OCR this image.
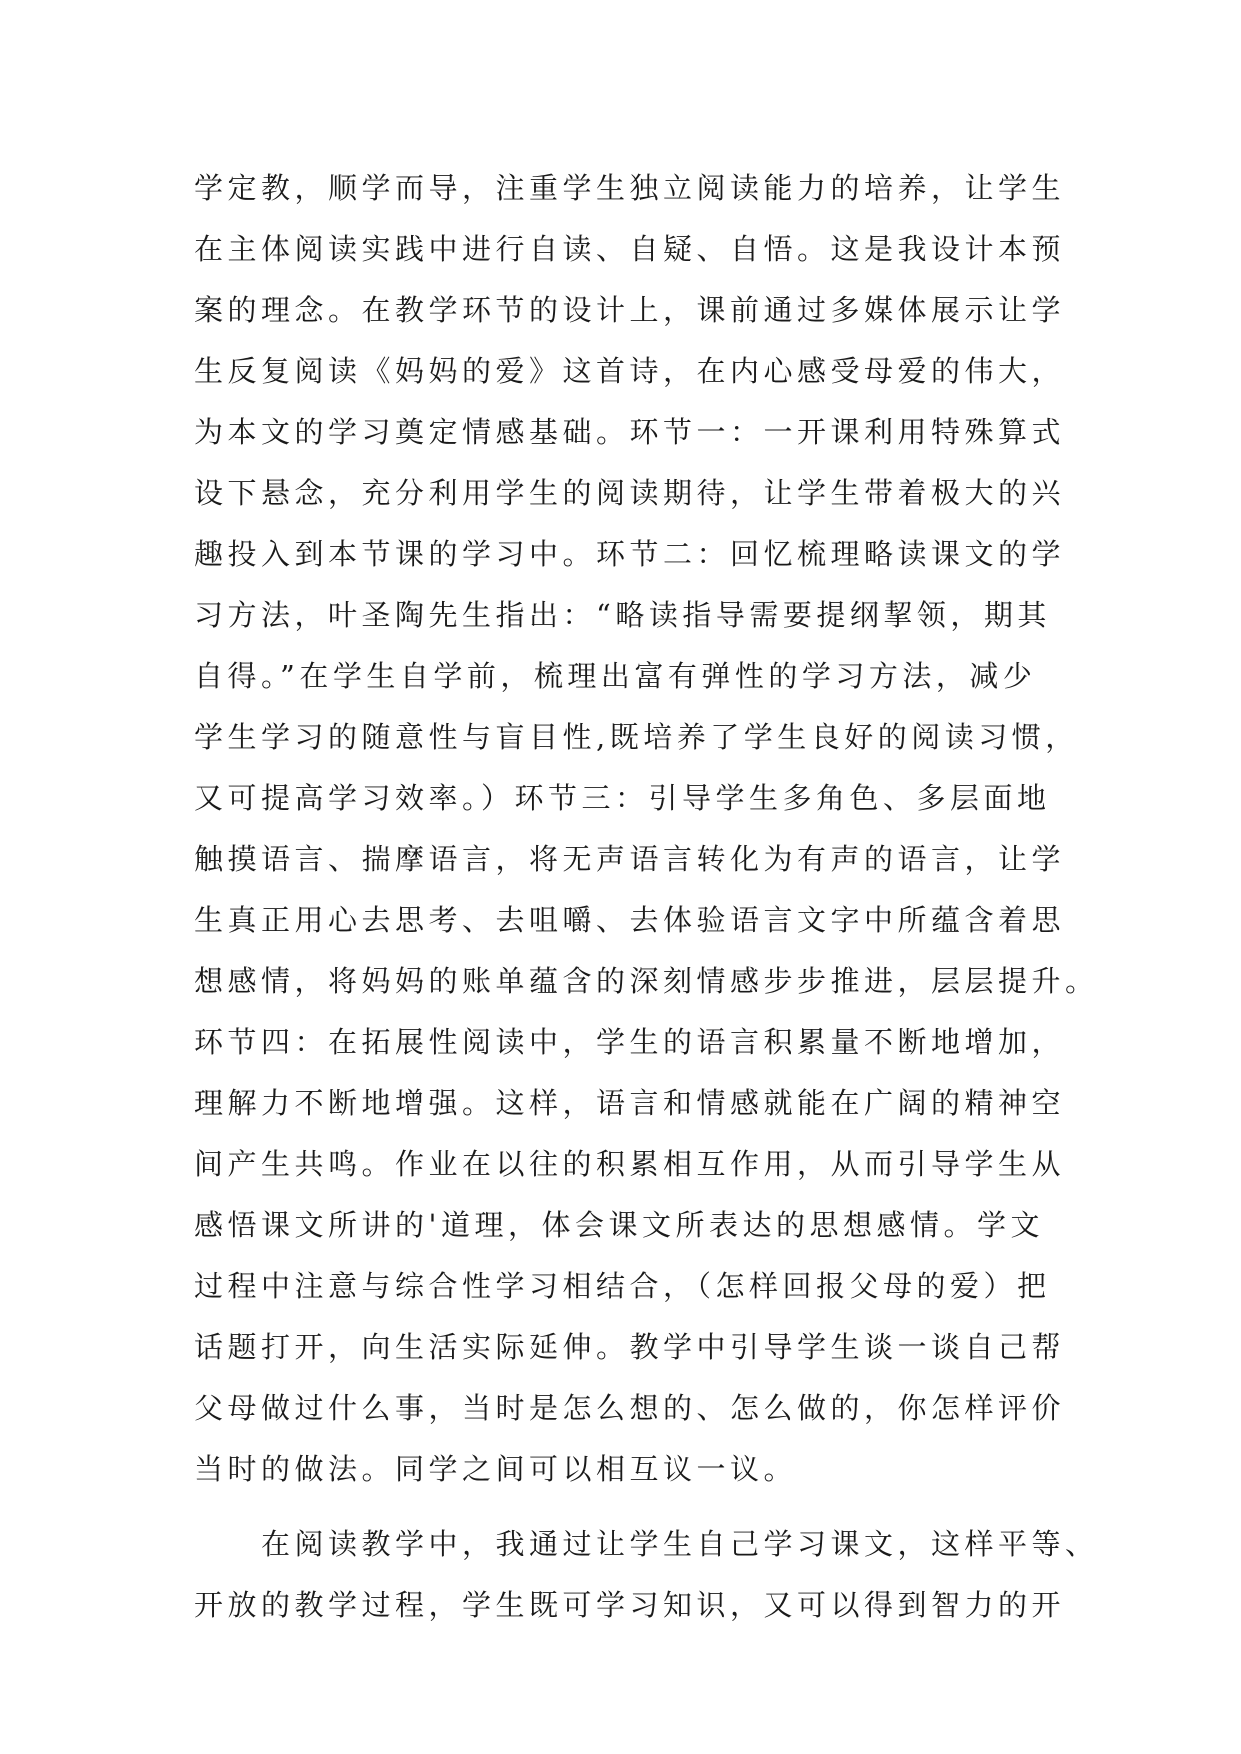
学定教，顺学而导，注重学生独立阅读能力的培养，让学生
在主体阅读实践中进行自读、自疑、自悟。这是我设计本预
案的理念。在教学环节的设计上，课前通过多媒体展示让学
生反复阅读《妈妈的爱》这首诗，在内心感受母爱的伟大，
为本文的学习奠定情感基础。环节一：一开课利用特殊算式
设下悬念，充分利用学生的阅读期待，让学生带着极大的兴
趣投入到本节课的学习中。环节二：回忆梳理略读课文的学
习方法，叶圣陶先生指出：“略读指导需要提纲挈领，期其
自得。”在学生自学前，梳理出富有弹性的学习方法，减少
学生学习的随意性与盲目性,既培养了学生良好的阅读习惯，
又可提高学习效率。）环节三：引导学生多角色、多层面地
触摸语言、揣摩语言，将无声语言转化为有声的语言，让学
生真正用心去思考、去咀嚼、去体验语言文字中所蕴含着思
想感情，将妈妈的账单蕴含的深刻情感步步推进，层层提升。
环节四：在拓展性阅读中，学生的语言积累量不断地增加，
理解力不断地增强。这样，语言和情感就能在广阔的精神空
间产生共鸣。作业在以往的积累相互作用，从而引导学生从
感悟课文所讲的'道理，体会课文所表达的思想感情。学文
过程中注意与综合性学习相结合，（怎样回报父母的爱）把
话题打开，向生活实际延伸。教学中引导学生谈一谈自己帮
父母做过什么事，当时是怎么想的、怎么做的，你怎样评价
当时的做法。同学之间可以相互议一议。
　　在阅读教学中，我通过让学生自己学习课文，这样平等、
开放的教学过程，学生既可学习知识，又可以得到智力的开
